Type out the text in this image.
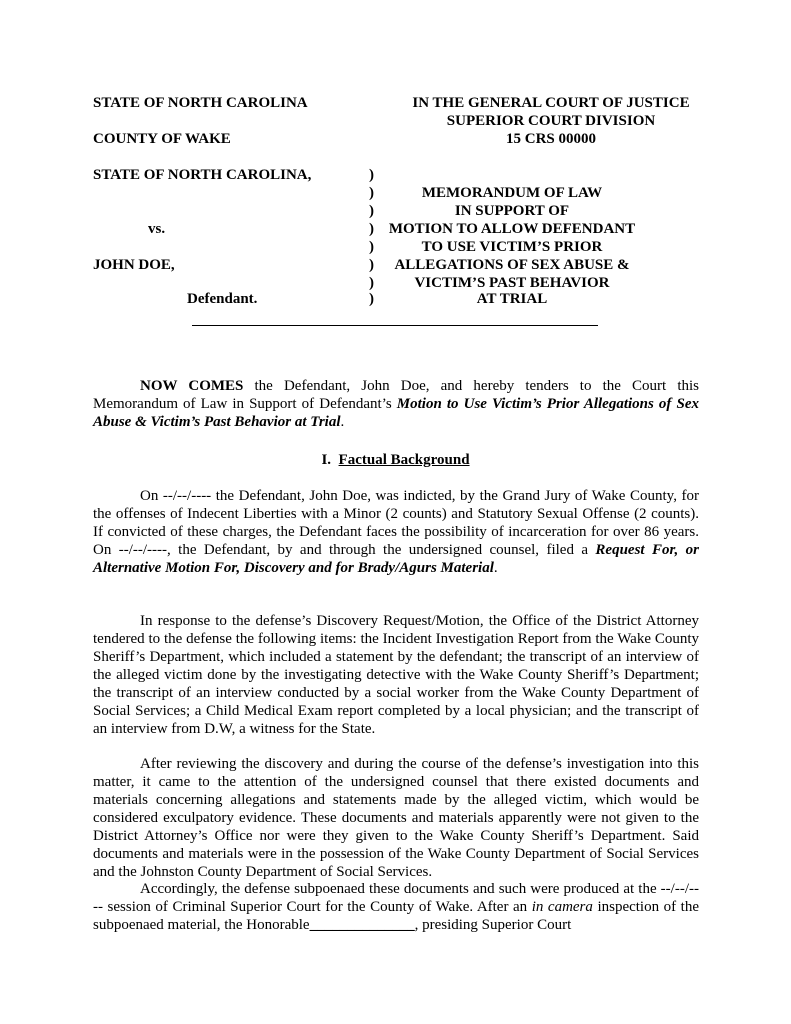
STATE OF NORTH CAROLINA
COUNTY OF WAKE
IN THE GENERAL COURT OF JUSTICE
SUPERIOR COURT DIVISION
15 CRS 00000
STATE OF NORTH CAROLINA,
vs.
JOHN DOE,
Defendant.
)
)
)
)
)
)
)
)
MEMORANDUM OF LAW
IN SUPPORT OF
MOTION TO ALLOW DEFENDANT
TO USE VICTIM’S PRIOR
ALLEGATIONS OF SEX ABUSE &
VICTIM’S PAST BEHAVIOR
AT TRIAL

NOW COMES the Defendant, John Doe, and hereby tenders to the Court this Memorandum of Law in Support of Defendant’s Motion to Use Victim’s Prior Allegations of Sex Abuse & Victim’s Past Behavior at Trial.

I. Factual Background

On --/--/---- the Defendant, John Doe, was indicted, by the Grand Jury of Wake County, for the offenses of Indecent Liberties with a Minor (2 counts) and Statutory Sexual Offense (2 counts). If convicted of these charges, the Defendant faces the possibility of incarceration for over 86 years. On --/--/----, the Defendant, by and through the undersigned counsel, filed a Request For, or Alternative Motion For, Discovery and for Brady/Agurs Material.

In response to the defense’s Discovery Request/Motion, the Office of the District Attorney tendered to the defense the following items: the Incident Investigation Report from the Wake County Sheriff’s Department, which included a statement by the defendant; the transcript of an interview of the alleged victim done by the investigating detective with the Wake County Sheriff’s Department; the transcript of an interview conducted by a social worker from the Wake County Department of Social Services; a Child Medical Exam report completed by a local physician; and the transcript of an interview from D.W, a witness for the State.

After reviewing the discovery and during the course of the defense’s investigation into this matter, it came to the attention of the undersigned counsel that there existed documents and materials concerning allegations and statements made by the alleged victim, which would be considered exculpatory evidence. These documents and materials apparently were not given to the District Attorney’s Office nor were they given to the Wake County Sheriff’s Department. Said documents and materials were in the possession of the Wake County Department of Social Services and the Johnston County Department of Social Services.

Accordingly, the defense subpoenaed these documents and such were produced at the --/--/---- session of Criminal Superior Court for the County of Wake. After an in camera inspection of the subpoenaed material, the Honorable______________, presiding Superior Court
